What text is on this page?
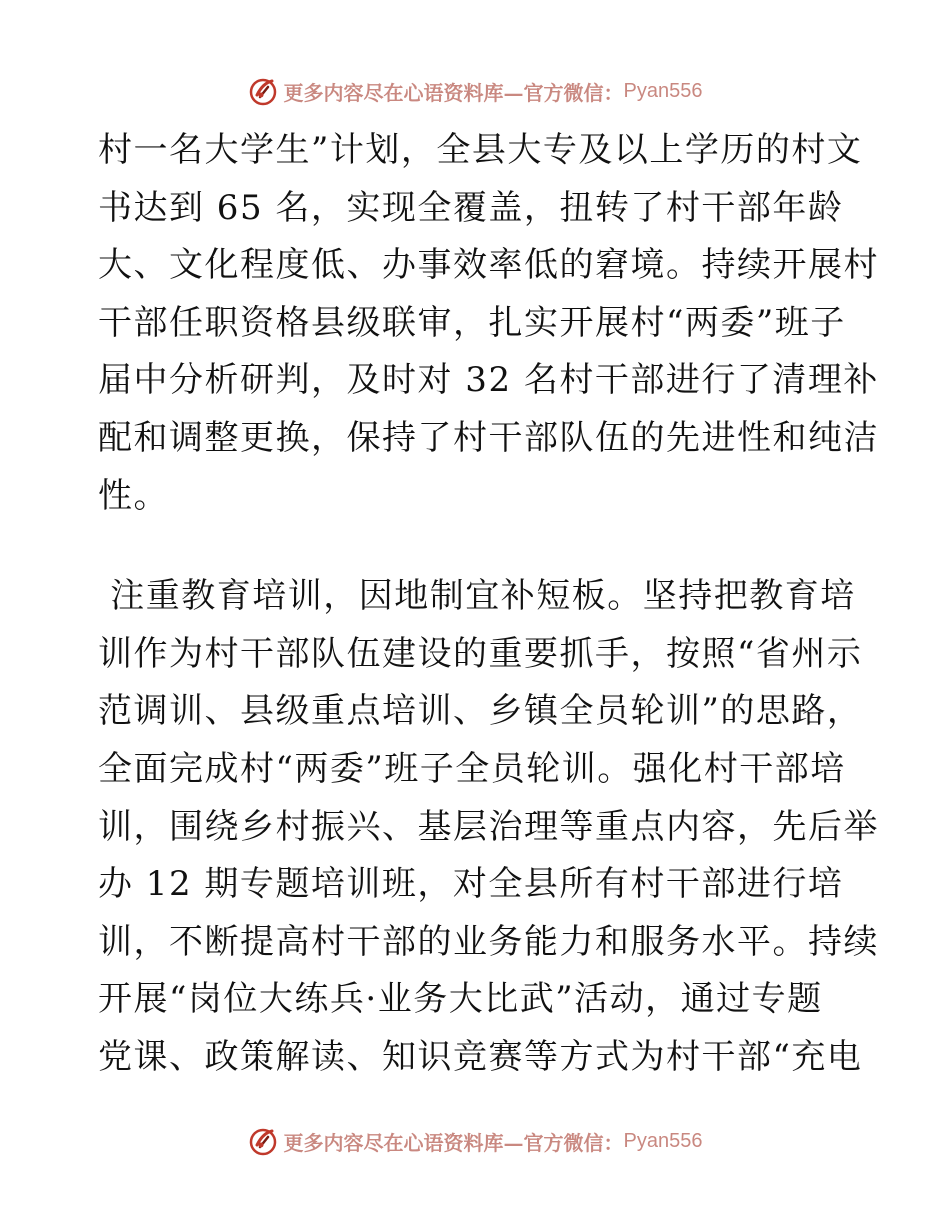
更多内容尽在心语资料库—官方微信： Pyan556
村一名大学生”计划，全县大专及以上学历的村文
书达到 65 名，实现全覆盖，扭转了村干部年龄
大、文化程度低、办事效率低的窘境。持续开展村
干部任职资格县级联审，扎实开展村“两委”班子
届中分析研判，及时对 32 名村干部进行了清理补
配和调整更换，保持了村干部队伍的先进性和纯洁
性。
注重教育培训，因地制宜补短板。坚持把教育培
训作为村干部队伍建设的重要抓手，按照“省州示
范调训、县级重点培训、乡镇全员轮训”的思路，
全面完成村“两委”班子全员轮训。强化村干部培
训，围绕乡村振兴、基层治理等重点内容，先后举
办 12 期专题培训班，对全县所有村干部进行培
训，不断提高村干部的业务能力和服务水平。持续
开展“岗位大练兵·业务大比武”活动，通过专题
党课、政策解读、知识竞赛等方式为村干部“充电
更多内容尽在心语资料库—官方微信： Pyan556
